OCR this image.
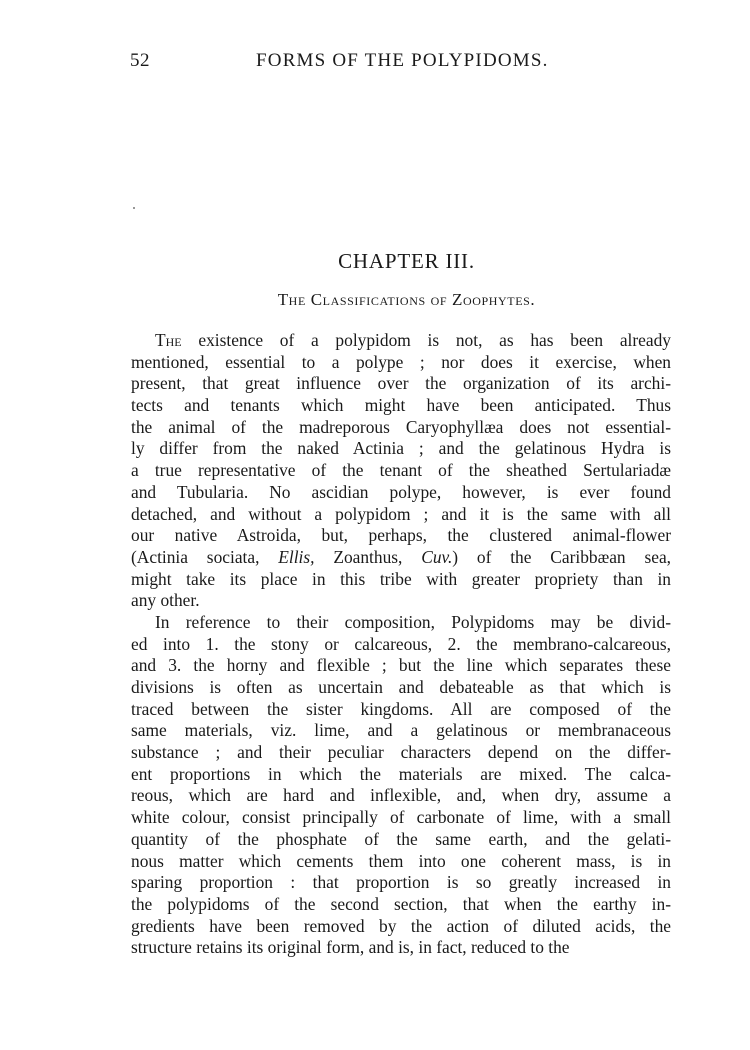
52	FORMS OF THE POLYPIDOMS.
CHAPTER III.
The Classifications of Zoophytes.
The existence of a polypidom is not, as has been already
mentioned, essential to a polype ; nor does it exercise, when
present, that great influence over the organization of its archi-
tects and tenants which might have been anticipated. Thus
the animal of the madreporous Caryophyllæa does not essential-
ly differ from the naked Actinia ; and the gelatinous Hydra is
a true representative of the tenant of the sheathed Sertulariadæ
and Tubularia. No ascidian polype, however, is ever found
detached, and without a polypidom ; and it is the same with all
our native Astroida, but, perhaps, the clustered animal-flower
(Actinia sociata, Ellis, Zoanthus, Cuv.) of the Caribbæan sea,
might take its place in this tribe with greater propriety than in
any other.
In reference to their composition, Polypidoms may be divid-
ed into 1. the stony or calcareous, 2. the membrano-calcareous,
and 3. the horny and flexible ; but the line which separates these
divisions is often as uncertain and debateable as that which is
traced between the sister kingdoms. All are composed of the
same materials, viz. lime, and a gelatinous or membranaceous
substance ; and their peculiar characters depend on the differ-
ent proportions in which the materials are mixed. The calca-
reous, which are hard and inflexible, and, when dry, assume a
white colour, consist principally of carbonate of lime, with a small
quantity of the phosphate of the same earth, and the gelati-
nous matter which cements them into one coherent mass, is in
sparing proportion : that proportion is so greatly increased in
the polypidoms of the second section, that when the earthy in-
gredients have been removed by the action of diluted acids, the
structure retains its original form, and is, in fact, reduced to the
